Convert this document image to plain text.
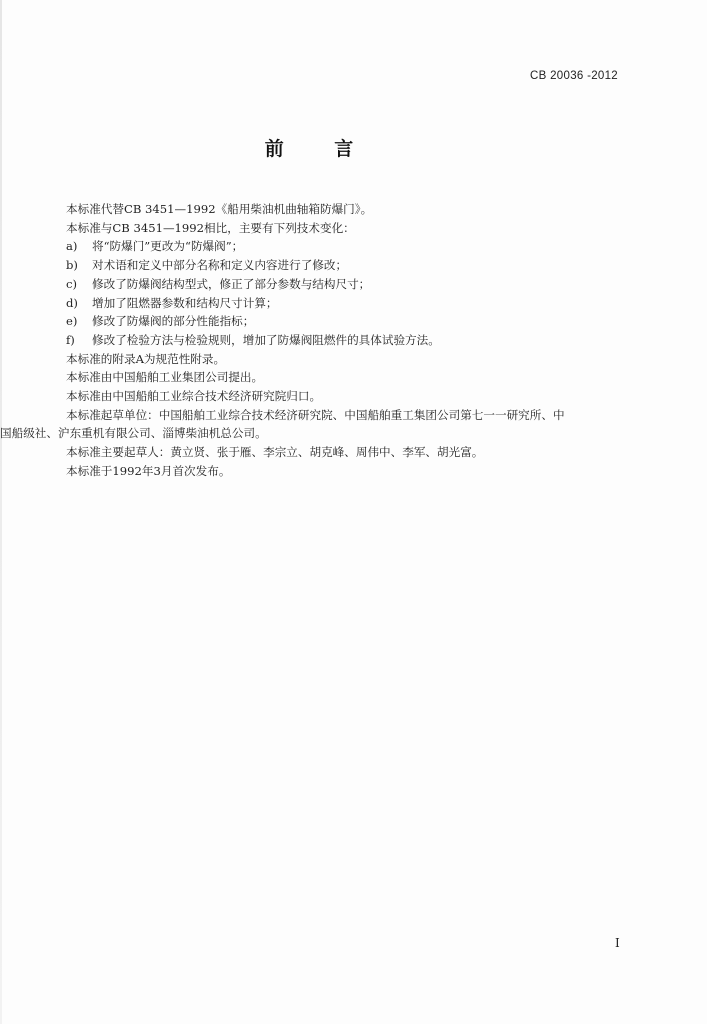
CB 20036 -2012
前 言

本标准代替CB 3451—1992《船用柴油机曲轴箱防爆门》。

本标准与CB 3451—1992相比，主要有下列技术变化：

a) 将“防爆门”更改为“防爆阀”；

b) 对术语和定义中部分名称和定义内容进行了修改；

c) 修改了防爆阀结构型式，修正了部分参数与结构尺寸；

d) 增加了阻燃器参数和结构尺寸计算；

e) 修改了防爆阀的部分性能指标；

f) 修改了检验方法与检验规则，增加了防爆阀阻燃件的具体试验方法。

本标准的附录A为规范性附录。

本标准由中国船舶工业集团公司提出。

本标准由中国船舶工业综合技术经济研究院归口。

本标准起草单位：中国船舶工业综合技术经济研究院、中国船舶重工集团公司第七一一研究所、中

国船级社、沪东重机有限公司、淄博柴油机总公司。

本标准主要起草人：黄立贤、张于雁、李宗立、胡克峰、周伟中、李军、胡光富。

本标准于1992年3月首次发布。

I
